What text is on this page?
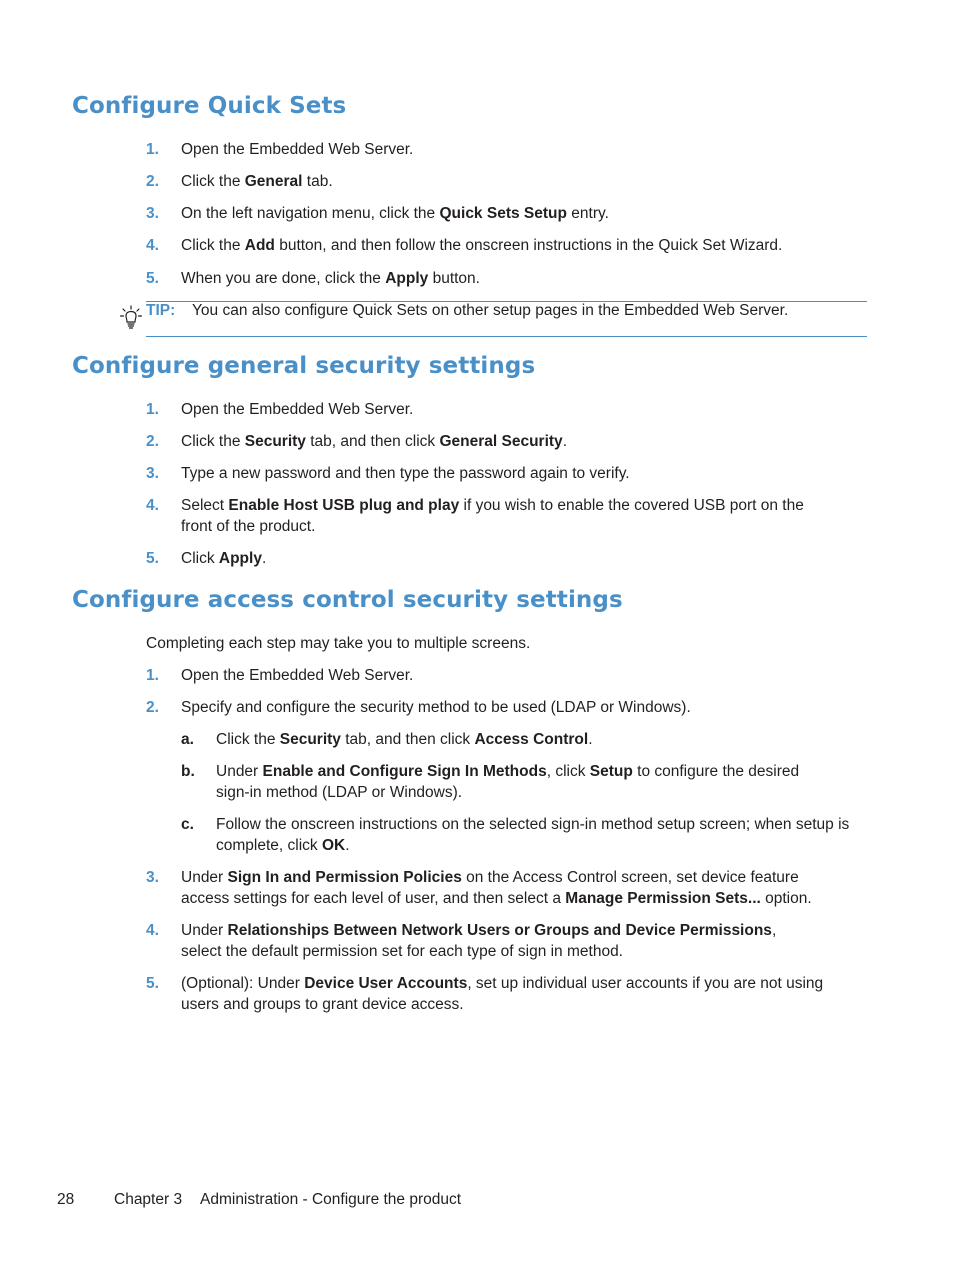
Configure Quick Sets
1. Open the Embedded Web Server.
2. Click the General tab.
3. On the left navigation menu, click the Quick Sets Setup entry.
4. Click the Add button, and then follow the onscreen instructions in the Quick Set Wizard.
5. When you are done, click the Apply button.
TIP: You can also configure Quick Sets on other setup pages in the Embedded Web Server.
Configure general security settings
1. Open the Embedded Web Server.
2. Click the Security tab, and then click General Security.
3. Type a new password and then type the password again to verify.
4. Select Enable Host USB plug and play if you wish to enable the covered USB port on the
front of the product.
5. Click Apply.
Configure access control security settings
Completing each step may take you to multiple screens.
1. Open the Embedded Web Server.
2. Specify and configure the security method to be used (LDAP or Windows).
a. Click the Security tab, and then click Access Control.
b. Under Enable and Configure Sign In Methods, click Setup to configure the desired
sign-in method (LDAP or Windows).
c. Follow the onscreen instructions on the selected sign-in method setup screen; when setup is
complete, click OK.
3. Under Sign In and Permission Policies on the Access Control screen, set device feature
access settings for each level of user, and then select a Manage Permission Sets... option.
4. Under Relationships Between Network Users or Groups and Device Permissions,
select the default permission set for each type of sign in method.
5. (Optional): Under Device User Accounts, set up individual user accounts if you are not using
users and groups to grant device access.
28	Chapter 3 Administration - Configure the product
